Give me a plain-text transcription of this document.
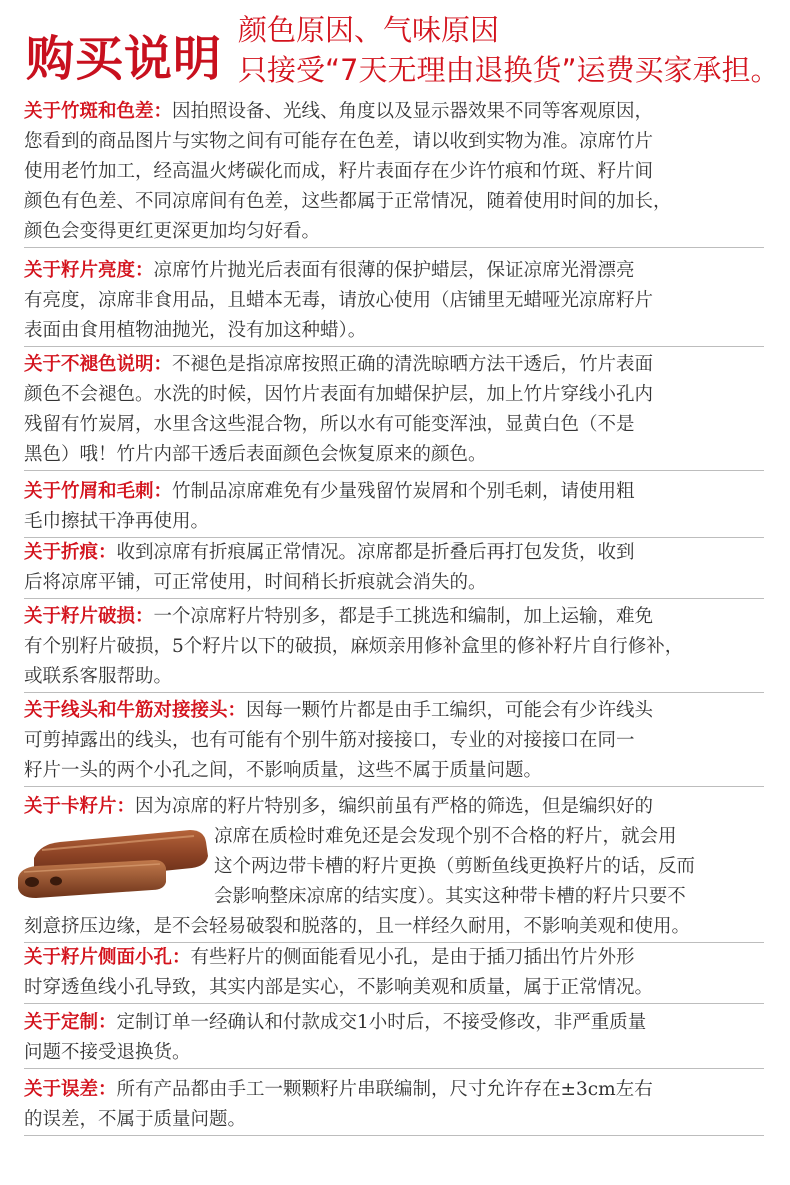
购买说明
颜色原因、气味原因
只接受“7天无理由退换货”运费买家承担。

关于竹斑和色差：因拍照设备、光线、角度以及显示器效果不同等客观原因，

您看到的商品图片与实物之间有可能存在色差，请以收到实物为准。凉席竹片

使用老竹加工，经高温火烤碳化而成，籽片表面存在少许竹痕和竹斑、籽片间

颜色有色差、不同凉席间有色差，这些都属于正常情况，随着使用时间的加长，

颜色会变得更红更深更加均匀好看。

关于籽片亮度：凉席竹片抛光后表面有很薄的保护蜡层，保证凉席光滑漂亮

有亮度，凉席非食用品，且蜡本无毒，请放心使用（店铺里无蜡哑光凉席籽片

表面由食用植物油抛光，没有加这种蜡）。

关于不褪色说明：不褪色是指凉席按照正确的清洗晾晒方法干透后，竹片表面

颜色不会褪色。水洗的时候，因竹片表面有加蜡保护层，加上竹片穿线小孔内

残留有竹炭屑，水里含这些混合物，所以水有可能变浑浊，显黄白色（不是

黑色）哦！竹片内部干透后表面颜色会恢复原来的颜色。

关于竹屑和毛刺：竹制品凉席难免有少量残留竹炭屑和个别毛刺，请使用粗

毛巾擦拭干净再使用。

关于折痕：收到凉席有折痕属正常情况。凉席都是折叠后再打包发货，收到

后将凉席平铺，可正常使用，时间稍长折痕就会消失的。

关于籽片破损：一个凉席籽片特别多，都是手工挑选和编制，加上运输，难免

有个别籽片破损，5个籽片以下的破损，麻烦亲用修补盒里的修补籽片自行修补，

或联系客服帮助。

关于线头和牛筋对接接头：因每一颗竹片都是由手工编织，可能会有少许线头

可剪掉露出的线头，也有可能有个别牛筋对接接口，专业的对接接口在同一

籽片一头的两个小孔之间，不影响质量，这些不属于质量问题。

关于卡籽片：因为凉席的籽片特别多，编织前虽有严格的筛选，但是编织好的

凉席在质检时难免还是会发现个别不合格的籽片，就会用

这个两边带卡槽的籽片更换（剪断鱼线更换籽片的话，反而

会影响整床凉席的结实度）。其实这种带卡槽的籽片只要不

刻意挤压边缘，是不会轻易破裂和脱落的，且一样经久耐用，不影响美观和使用。

关于籽片侧面小孔：有些籽片的侧面能看见小孔，是由于插刀插出竹片外形

时穿透鱼线小孔导致，其实内部是实心，不影响美观和质量，属于正常情况。

关于定制：定制订单一经确认和付款成交1小时后，不接受修改，非严重质量

问题不接受退换货。

关于误差：所有产品都由手工一颗颗籽片串联编制，尺寸允许存在±3cm左右

的误差，不属于质量问题。
